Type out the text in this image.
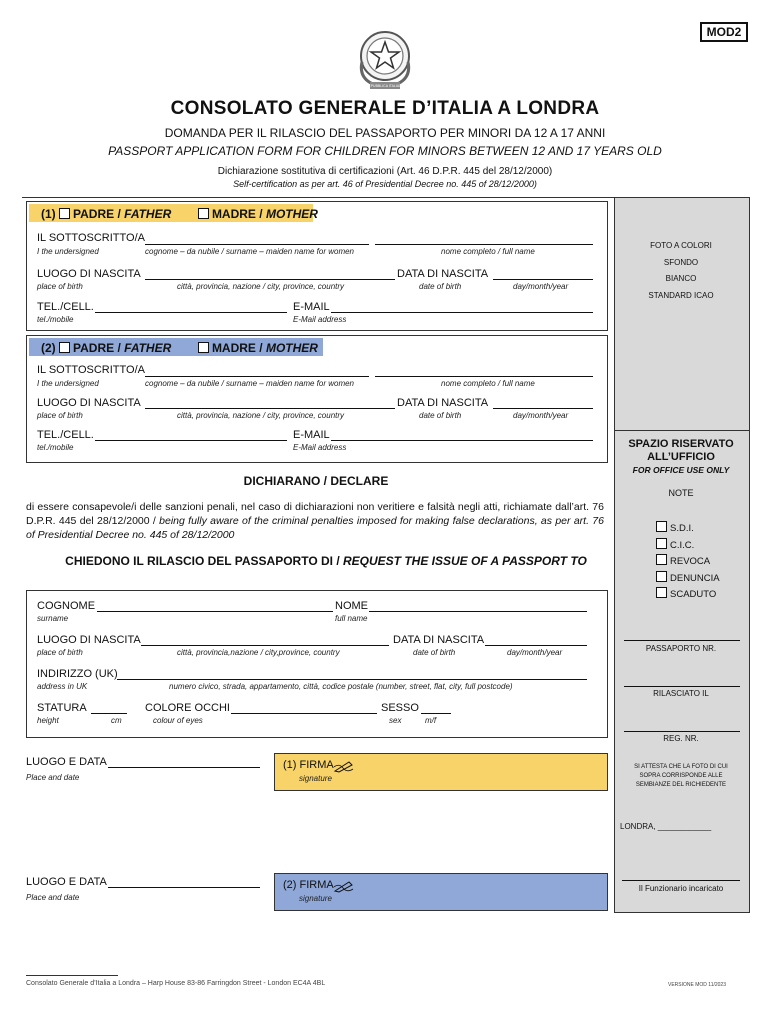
MOD2
REPUBBLICA ITALIANA
CONSOLATO GENERALE D’ITALIA A LONDRA
DOMANDA PER IL RILASCIO DEL PASSAPORTO PER MINORI DA 12 A 17 ANNI
PASSPORT APPLICATION FORM FOR CHILDREN FOR MINORS BETWEEN 12 AND 17 YEARS OLD
Dichiarazione sostitutiva di certificazioni (Art. 46 D.P.R. 445 del 28/12/2000)
Self-certification as per art. 46 of Presidential Decree no. 445 of 28/12/2000)
(1) PADRE / FATHER	MADRE / MOTHER
IL SOTTOSCRITTO/A
I the undersigned	cognome – da nubile / surname – maiden name for women	nome completo / full name
LUOGO DI NASCITA	DATA DI NASCITA
place of birth	città, provincia, nazione / city, province, country	date of birth	day/month/year
TEL./CELL.	E-MAIL
tel./mobile	E-Mail address
(2) PADRE / FATHER	MADRE / MOTHER
IL SOTTOSCRITTO/A
I the undersigned	cognome – da nubile / surname – maiden name for women	nome completo / full name
LUOGO DI NASCITA	DATA DI NASCITA
place of birth	città, provincia, nazione / city, province, country	date of birth	day/month/year
TEL./CELL.	E-MAIL
tel./mobile	E-Mail address
DICHIARANO / DECLARE
di essere consapevole/i delle sanzioni penali, nel caso di dichiarazioni non veritiere e falsità negli atti, richiamate dall’art. 76 D.P.R. 445 del 28/12/2000 / being fully aware of the criminal penalties imposed for making false declarations, as per art. 76 of Presidential Decree no. 445 of 28/12/2000
CHIEDONO IL RILASCIO DEL PASSAPORTO DI / REQUEST THE ISSUE OF A PASSPORT TO
COGNOME	NOME
surname	full name
LUOGO DI NASCITA	DATA DI NASCITA
place of birth	città, provincia,nazione / city,province, country	date of birth	day/month/year
INDIRIZZO (UK)
address in UK	numero civico, strada, appartamento, città, codice postale (number, street, flat, city, full postcode)
STATURA	COLORE OCCHI	SESSO
height	cm	colour of eyes	sex	m/f
LUOGO E DATA
Place and date
(1) FIRMA
signature
LUOGO E DATA
Place and date
(2) FIRMA
signature
FOTO A COLORI
SFONDO
BIANCO
STANDARD ICAO
SPAZIO RISERVATO
ALL’UFFICIO
FOR OFFICE USE ONLY
NOTE
S.D.I.
C.I.C.
REVOCA
DENUNCIA
SCADUTO
PASSAPORTO NR.
RILASCIATO IL
REG. NR.
SI ATTESTA CHE LA FOTO DI CUI SOPRA CORRISPONDE ALLE SEMBIANZE DEL RICHIEDENTE
LONDRA, ____________
Il Funzionario incaricato
Consolato Generale d’Italia a Londra – Harp House 83-86 Farringdon Street - London EC4A 4BL	VERSIONE MOD 11/2023
